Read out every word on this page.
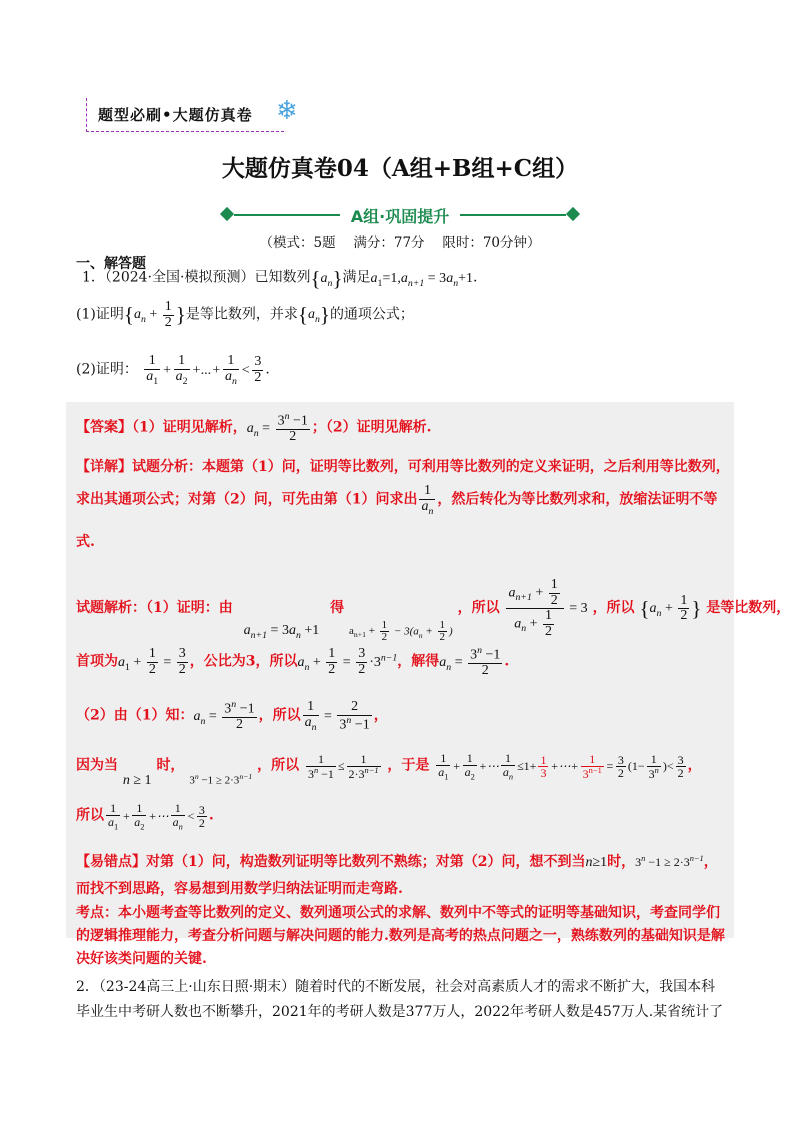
题型必刷•大题仿真卷 ❄
大题仿真卷04（A组+B组+C组）
A组·巩固提升
（模式：5题　 满分：77分　 限时：70分钟）
一、解答题
1．（2024·全国·模拟预测）已知数列$\{a_n\}$满足$a_1=1,a_{n+1} = 3a_n+1$.
(1)证明{$a_n + \frac{1}{2}$ }是等比数列，并求$\{a_n\}$的通项公式；
(2)证明： $\frac{1}{a_1} + \frac{1}{a_2}$ +...+ $\frac{1}{a_n} < \frac{3}{2}$ .
【答案】（1）证明见解析，$a_n = \frac{3^n -1}{2}$ ；（2）证明见解析.
【详解】试题分析：本题第（1）问，证明等比数列，可利用等比数列的定义来证明，之后利用等比数列，
求出其通项公式；对第（2）问，可先由第（1）问求出 $\frac{1}{a_n}$ ，然后转化为等比数列求和，放缩法证明不等
式.
试题解析：（1）证明：由 $a_{n+1} = 3a_n +1$ 得 $a_{n+1} + \frac{1}{2} - 3(a_n + \frac{1}{2}$ ) ，所以 $\frac{a_{n+1} + \frac{1}{2}}{a_n + \frac{1}{2}} = 3$ ，所以 {$a_n + \frac{1}{2}$ } 是等比数列，
首项为$a_1 + \frac{1}{2} = \frac{3}{2}$ ，公比为3，所以$a_n + \frac{1}{2} = \frac{3}{2} \cdot 3^{n-1}$，解得$a_n = \frac{3^n -1}{2}$ .
（2）由（1）知：$a_n = \frac{3^n -1}{2}$ ，所以 $\frac{1}{a_n} = \frac{2}{3^n -1}$ ，
因为当 n ≥ 1 时， $3^n -1 \ge 2\cdot 3^{n-1}$ ，所以 $\frac{1}{3^n -1} \le \frac{1}{2\cdot 3^{n-1}}$ ，于是 $\frac{1}{a_1} + \frac{1}{a_2}$ +⋯ $\frac{1}{a_n} \le 1+ \frac{1}{3}$ +⋯+ $\frac{1}{3^{n-1}} = \frac{3}{2} (1- \frac{1}{3^n}$ )< $\frac{3}{2}$ ，
所以 $\frac{1}{a_1} + \frac{1}{a_2}$ +⋯ $\frac{1}{a_n} < \frac{3}{2}$ .
【易错点】对第（1）问，构造数列证明等比数列不熟练；对第（2）问，想不到当n≥1时，$3^n -1 \ge 2\cdot 3^{n-1}$，
而找不到思路，容易想到用数学归纳法证明而走弯路.
考点：本小题考查等比数列的定义、数列通项公式的求解、数列中不等式的证明等基础知识，考查同学们
的逻辑推理能力，考查分析问题与解决问题的能力.数列是高考的热点问题之一，熟练数列的基础知识是解
决好该类问题的关键.
2．（23-24高三上·山东日照·期末）随着时代的不断发展，社会对高素质人才的需求不断扩大，我国本科
毕业生中考研人数也不断攀升，2021年的考研人数是377万人，2022年考研人数是457万人.某省统计了
